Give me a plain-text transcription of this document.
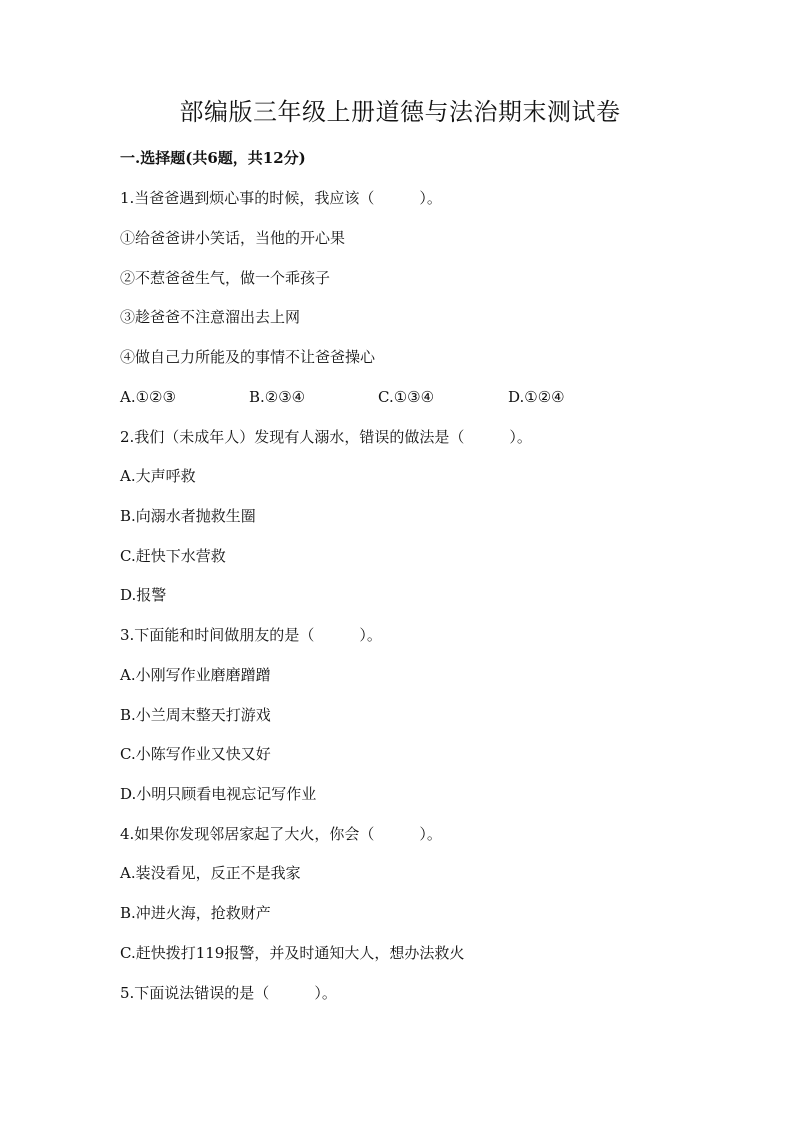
部编版三年级上册道德与法治期末测试卷
一.选择题(共6题，共12分)
1.当爸爸遇到烦心事的时候，我应该（　　　）。
①给爸爸讲小笑话，当他的开心果
②不惹爸爸生气，做一个乖孩子
③趁爸爸不注意溜出去上网
④做自己力所能及的事情不让爸爸操心
A.①②③	B.②③④	C.①③④	D.①②④
2.我们（未成年人）发现有人溺水，错误的做法是（　　　）。
A.大声呼救
B.向溺水者抛救生圈
C.赶快下水营救
D.报警
3.下面能和时间做朋友的是（　　　）。
A.小刚写作业磨磨蹭蹭
B.小兰周末整天打游戏
C.小陈写作业又快又好
D.小明只顾看电视忘记写作业
4.如果你发现邻居家起了大火，你会（　　　）。
A.装没看见，反正不是我家
B.冲进火海，抢救财产
C.赶快拨打119报警，并及时通知大人，想办法救火
5.下面说法错误的是（　　　）。
